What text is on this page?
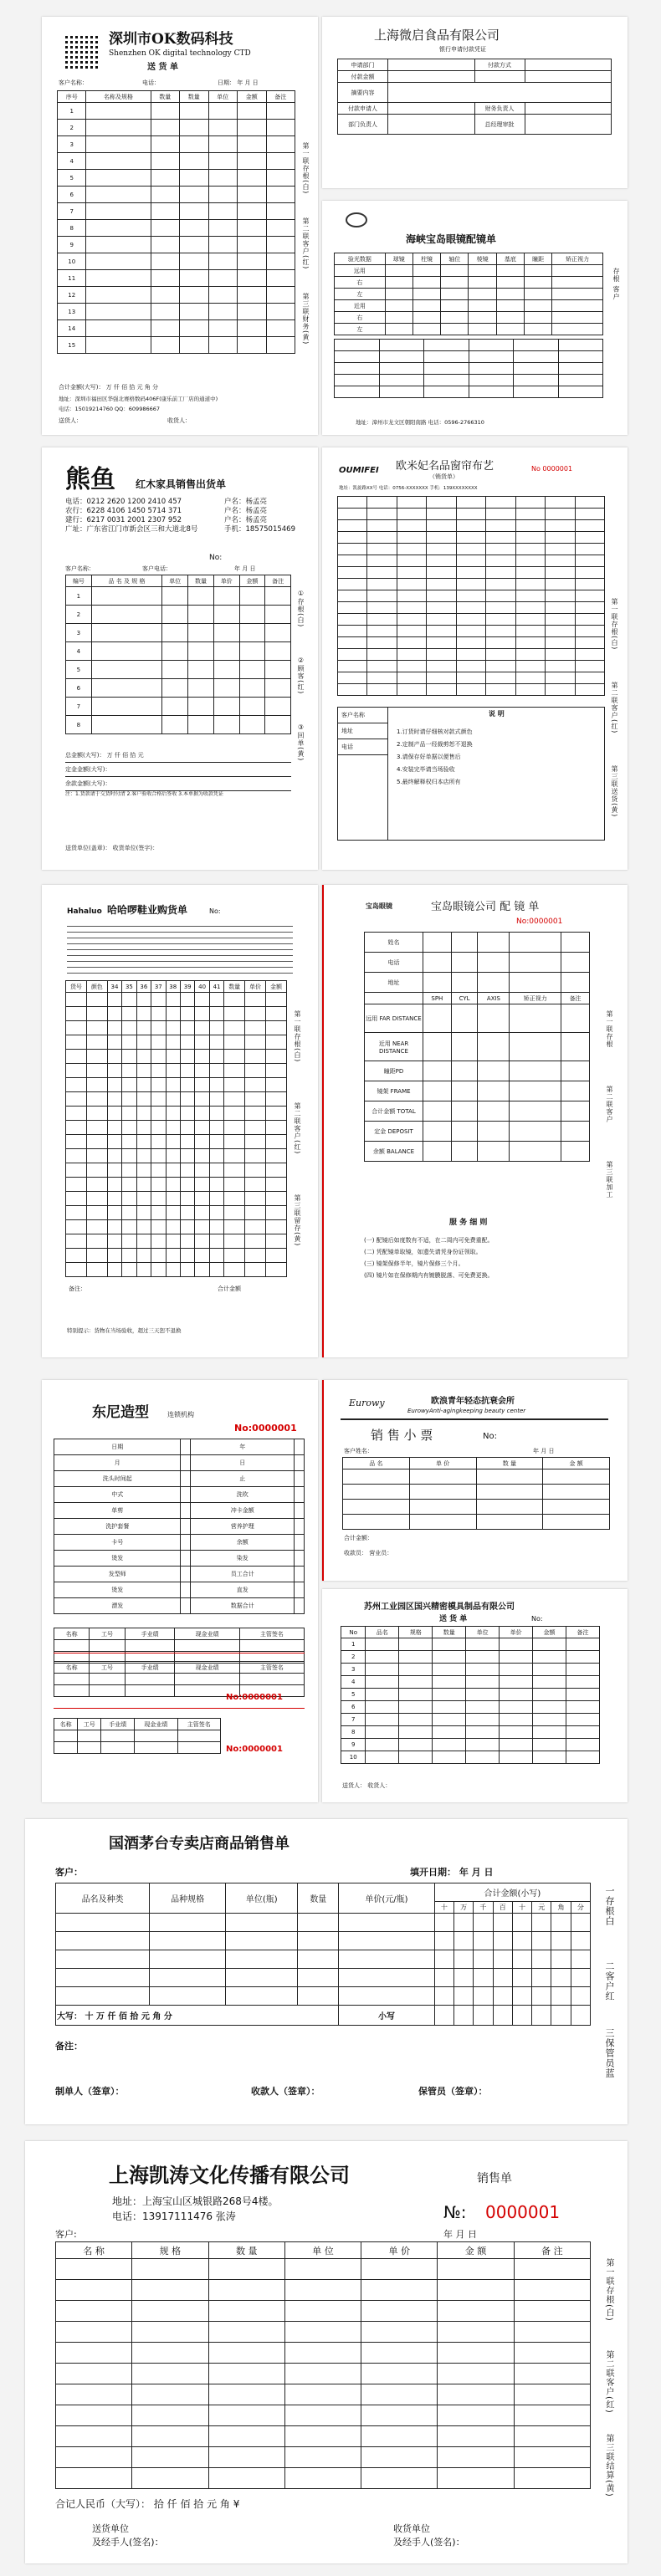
深圳市OK数码科技
Shenzhen OK digital technology CTD
送 货 单
客户名称：	电话：	日期： 年 月 日
序号	名称及规格	数量	数量	单位	金额	备注
1						
2						
3						
4						
5						
6						
7						
8						
9						
10						
11						
12						
13						
14						
15						
合计金额(大写)： 万 仟 佰 拾 元 角 分
地址：深圳市福田区华强北赛格数码406F(康乐前工厂店的通道中)
电话：15019214760 QQ：609986667
送货人：	收货人：
第一联存根(白)
第二联客户(红)
第三联财务(黄)
上海微启食品有限公司
银行申请付款凭证
申请部门		付款方式	
付款金额			
摘要内容			
付款申请人		财务负责人	
部门负责人		总经理审批	
海峡宝岛眼镜配镜单
验光数据	球镜	柱镜	轴位	棱镜	基底	瞳距	矫正视力
远用							
右							
左							
近用							
右							
左							

地址：漳州市龙文区朝阳南路 电话：0596-2766310
存根 客户
熊鱼 红木家具销售出货单
电话：0212 2620 1200 2410 457	户名：杨孟亮
农行：6228 4106 1450 5714 371	户名：杨孟亮
建行：6217 0031 2001 2307 952	户名：杨孟亮
广址：广东省江门市新会区三和大道北8号	手机：18575015469
No:
客户名称：	客户电话：	年 月 日
编号	品 名 及 规 格	单位	数量	单价	金额	备注
1						
2						
3						
4						
5						
6						
7						
8						
总金额(大写)： 万 仟 佰 拾 元
定金金额(大写)：
余款金额(大写)：
注：1.货款请于交货时付清 2.客户验收合格后签收 3.本单据为收款凭证
送货单位(盖章)： 收货单位(签字)：
①存根(白)
②顾客(红)
③回单(黄)
OUMIFEI 欧米妃名品窗帘布艺
（销货单）
No 0000001
地址：凯旋路XX号 电话：0756-XXXXXXX 手机：139XXXXXXXX

客户名称
地址
电话
说 明
1.订货时请仔细核对款式颜色
2.定制产品一经裁剪恕不退换
3.请保存好单据以便售后
4.安装完毕请当场验收
5.最终解释权归本店所有
第一联存根(白)
第二联客户(红)
第三联送货(黄)
Hahaluo 哈哈啰鞋业购货单	No:
货号	颜色	34	35	36	37	38	39	40	41	数量	单价	金额

备注：	合计金额
特别提示：货物在当场验收，超过三天恕不退换
第一联存根(白)
第二联客户(红)
第三联留存(黄)
宝岛眼镜	宝岛眼镜公司 配 镜 单
No:0000001
姓名					
电话					
地址					
	SPH	CYL	AXIS	矫正视力	备注
远用 FAR DISTANCE					
近用 NEAR DISTANCE					
瞳距PD					
镜架 FRAME					
合计金额 TOTAL					
定金 DEPOSIT					
余额 BALANCE					
服 务 细 则
(一) 配镜后如度数有不适，在二周内可免费重配。
(二) 凭配镜单取镜，如遗失请凭身份证领取。
(三) 镜架保修半年，镜片保修三个月。
(四) 镜片如在保修期内有镀膜脱落、可免费更换。
第一联存根
第二联客户
第三联加工
东尼造型	连锁机构
No:0000001
日期		年	
月		日	
洗头时间起		止	
中式		洗吹	
单剪		冲卡金额	
洗护套餐		营养护理	
卡号		余额	
烫发		染发	
发型师		员工合计	
烫发		直发	
漂发		数据合计	
名称	工号	手业绩	现金业绩	主管签名

名称	工号	手业绩	现金业绩	主管签名

No:0000001
名称	工号	手业绩	现金业绩	主管签名

No:0000001
Eurowy	欧浪青年轻态抗衰会所
EurowyAnti-agingkeeping beauty center
销 售 小 票	No:
客户姓名：	年 月 日
品 名	单 价	数 量	金 额

合计金额：
收款员： 营业员：
苏州工业园区国兴精密模具制品有限公司
送 货 单	No:
No	品名	规格	数量	单位	单价	金额	备注
1							
2							
3							
4							
5							
6							
7							
8							
9							
10							
送货人： 收货人：
国酒茅台专卖店商品销售单
客户：	填开日期： 年 月 日
品名及种类	品种规格	单位(瓶)	数量	单价(元/瓶)	合计金额(小写)							
					十	万	千	百	十	元	角	分

大写： 十 万 仟 佰 拾 元 角 分				小写								
备注：
制单人（签章）：	收款人（签章）：	保管员（签章）：
一存根白
二客户红
三保管员蓝
上海凯涛文化传播有限公司	销售单
地址：上海宝山区城银路268号4楼。
电话：13917111476 张涛	№: 0000001
客户:	年 月 日
名 称	规 格	数 量	单 位	单 价	金 额	备 注

合记人民币（大写）： 拾 仟 佰 拾 元 角 ¥
送货单位
及经手人(签名)：
收货单位
及经手人(签名)：
第一联存根(白)
第二联客户(红)
第三联结算(黄)
